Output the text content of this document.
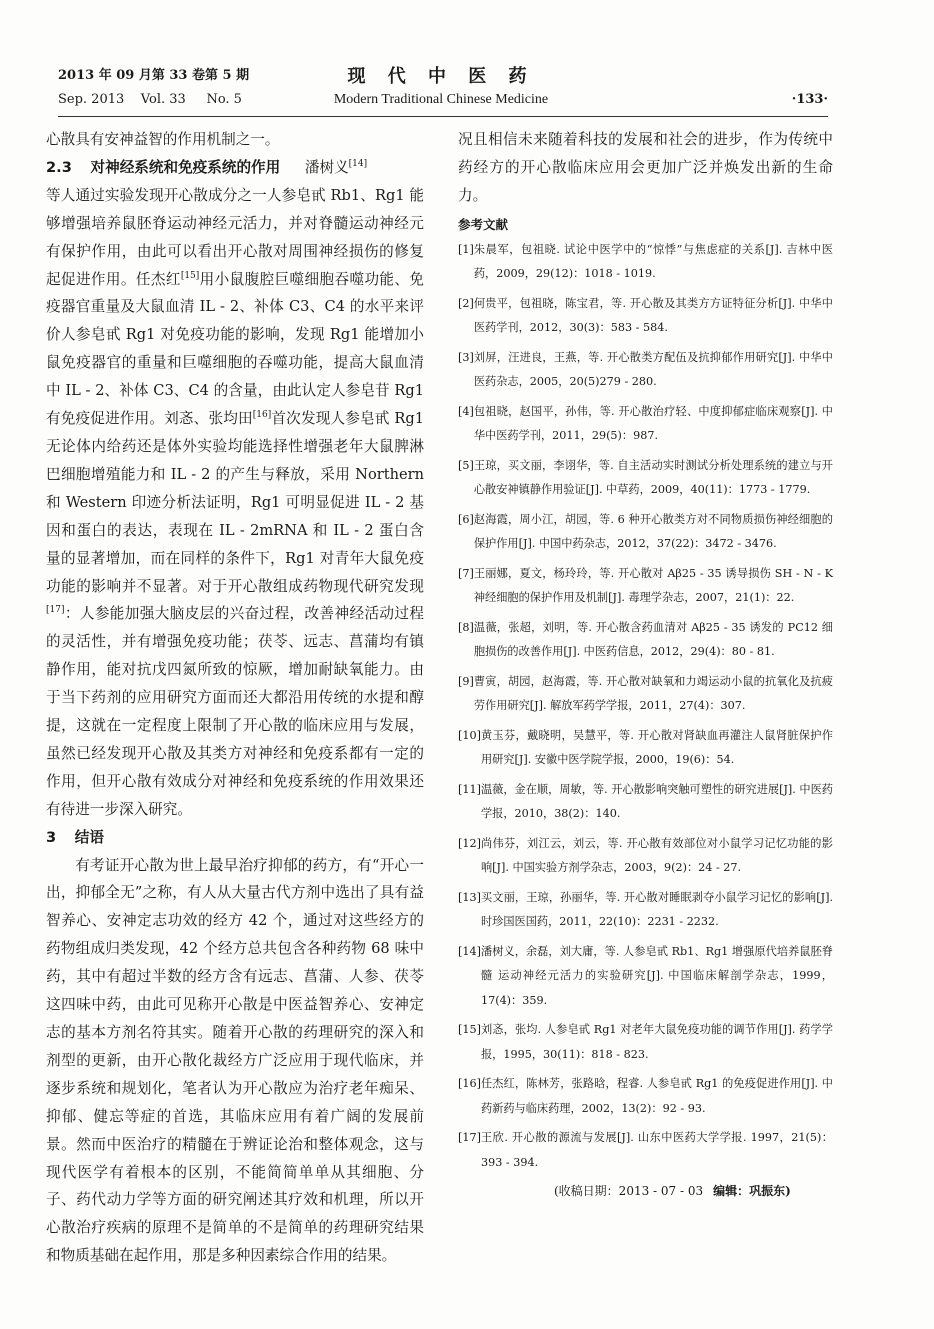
2013 年 09 月第 33 卷第 5 期
Sep. 2013    Vol. 33     No. 5
现 代 中 医 药
Modern Traditional Chinese Medicine	·133·

心散具有安神益智的作用机制之一。

2.3 对神经系统和免疫系统的作用 潘树义[14]

等人通过实验发现开心散成分之一人参皂甙 Rb1、Rg1 能够增强培养鼠胚脊运动神经元活力，并对脊髓运动神经元有保护作用，由此可以看出开心散对周围神经损伤的修复起促进作用。任杰红[15]用小鼠腹腔巨噬细胞吞噬功能、免疫器官重量及大鼠血清 IL - 2、补体 C3、C4 的水平来评价人参皂甙 Rg1 对免疫功能的影响，发现 Rg1 能增加小鼠免疫器官的重量和巨噬细胞的吞噬功能，提高大鼠血清中 IL - 2、补体 C3、C4 的含量，由此认定人参皂苷 Rg1 有免疫促进作用。刘忞、张均田[16]首次发现人参皂甙 Rg1 无论体内给药还是体外实验均能选择性增强老年大鼠脾淋巴细胞增殖能力和 IL - 2 的产生与释放，采用 Northern 和 Western 印迹分析法证明，Rg1 可明显促进 IL - 2 基因和蛋白的表达，表现在 IL - 2mRNA 和 IL - 2 蛋白含量的显著增加，而在同样的条件下，Rg1 对青年大鼠免疫功能的影响并不显著。对于开心散组成药物现代研究发现[17]：人参能加强大脑皮层的兴奋过程，改善神经活动过程的灵活性，并有增强免疫功能；茯苓、远志、菖蒲均有镇静作用，能对抗戊四氮所致的惊厥，增加耐缺氧能力。由于当下药剂的应用研究方面而还大都沿用传统的水提和醇提，这就在一定程度上限制了开心散的临床应用与发展，虽然已经发现开心散及其类方对神经和免疫系都有一定的作用，但开心散有效成分对神经和免疫系统的作用效果还有待进一步深入研究。

3 结语

有考证开心散为世上最早治疗抑郁的药方，有“开心一出，抑郁全无”之称，有人从大量古代方剂中选出了具有益智养心、安神定志功效的经方 42 个，通过对这些经方的药物组成归类发现，42 个经方总共包含各种药物 68 味中药，其中有超过半数的经方含有远志、菖蒲、人参、茯苓这四味中药，由此可见称开心散是中医益智养心、安神定志的基本方剂名符其实。随着开心散的药理研究的深入和剂型的更新，由开心散化裁经方广泛应用于现代临床，并逐步系统和规划化，笔者认为开心散应为治疗老年痴呆、抑郁、健忘等症的首选，其临床应用有着广阔的发展前景。然而中医治疗的精髓在于辨证论治和整体观念，这与现代医学有着根本的区别，不能简简单单从其细胞、分子、药代动力学等方面的研究阐述其疗效和机理，所以开心散治疗疾病的原理不是简单的不是简单的药理研究结果和物质基础在起作用，那是多种因素综合作用的结果。

况且相信未来随着科技的发展和社会的进步，作为传统中药经方的开心散临床应用会更加广泛并焕发出新的生命力。

参考文献
[1] 朱晨军，包祖晓. 试论中医学中的“惊悸”与焦虑症的关系[J]. 吉林中医药，2009，29(12)：1018 - 1019.
[2] 何贵平，包祖晓，陈宝君，等. 开心散及其类方方证特征分析[J]. 中华中医药学刊，2012，30(3)：583 - 584.
[3] 刘屏，汪进良，王燕，等. 开心散类方配伍及抗抑郁作用研究[J]. 中华中医药杂志，2005，20(5)279 - 280.
[4] 包祖晓，赵国平，孙伟，等. 开心散治疗轻、中度抑郁症临床观察[J]. 中华中医药学刊，2011，29(5)：987.
[5] 王琼，买文丽，李诩华，等. 自主活动实时测试分析处理系统的建立与开心散安神镇静作用验证[J]. 中草药，2009，40(11)：1773 - 1779.
[6] 赵海霞，周小江，胡园，等. 6 种开心散类方对不同物质损伤神经细胞的保护作用[J]. 中国中药杂志，2012，37(22)：3472 - 3476.
[7] 王丽娜，夏文，杨玲玲，等. 开心散对 Aβ25 - 35 诱导损伤 SH - N - K 神经细胞的保护作用及机制[J]. 毒理学杂志，2007，21(1)：22.
[8] 温薇，张超，刘明，等. 开心散含药血清对 Aβ25 - 35 诱发的 PC12 细胞损伤的改善作用[J]. 中医药信息，2012，29(4)：80 - 81.
[9] 曹寅，胡园，赵海霞，等. 开心散对缺氧和力竭运动小鼠的抗氧化及抗疲劳作用研究[J]. 解放军药学学报，2011，27(4)：307.
[10] 黄玉芬，戴晓明，吴慧平，等. 开心散对肾缺血再灌注人鼠肾脏保护作用研究[J]. 安徽中医学院学报，2000，19(6)：54.
[11] 温薇，金在顺，周敏，等. 开心散影响突触可塑性的研究进展[J]. 中医药学报，2010，38(2)：140.
[12] 尚伟芬，刘江云，刘云，等. 开心散有效部位对小鼠学习记忆功能的影响[J]. 中国实验方剂学杂志，2003，9(2)：24 - 27.
[13] 买文丽，王琼，孙丽华，等. 开心散对睡眠剥夺小鼠学习记忆的影响[J]. 时珍国医国药，2011，22(10)：2231 - 2232.
[14] 潘树义，余磊，刘大庸，等. 人参皂甙 Rb1、Rg1 增强原代培养鼠胚脊髓 运动神经元活力的实验研究[J]. 中国临床解剖学杂志，1999，17(4)：359.
[15] 刘忞，张均. 人参皂甙 Rg1 对老年大鼠免疫功能的调节作用[J]. 药学学报，1995，30(11)：818 - 823.
[16] 任杰红，陈林芳，张路晗，程睿. 人参皂甙 Rg1 的免疫促进作用[J]. 中药新药与临床药理，2002，13(2)：92 - 93.
[17] 王欣. 开心散的源流与发展[J]. 山东中医药大学学报. 1997，21(5)：393 - 394.
(收稿日期：2013 - 07 - 03 编辑：巩振东)
